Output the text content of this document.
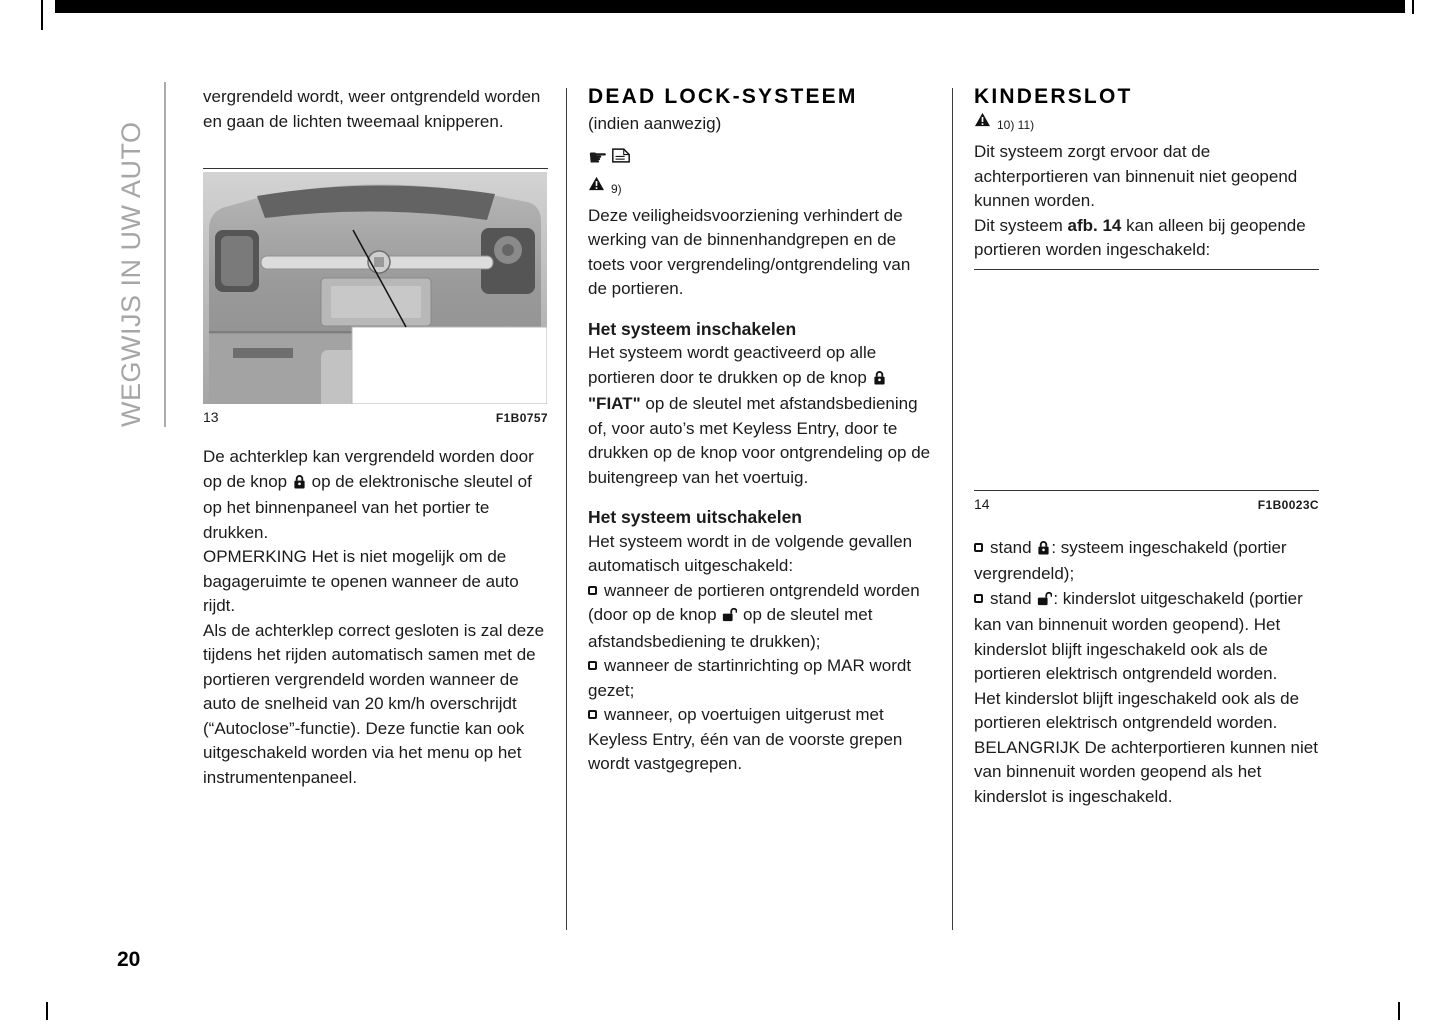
WEGWIJS IN UW AUTO

vergrendeld wordt, weer ontgrendeld worden en gaan de lichten tweemaal knipperen.

13	F1B0757

De achterklep kan vergrendeld worden door op de knop op de elektronische sleutel of op het binnenpaneel van het portier te drukken.

OPMERKING Het is niet mogelijk om de bagageruimte te openen wanneer de auto rijdt.

Als de achterklep correct gesloten is zal deze tijdens het rijden automatisch samen met de portieren vergrendeld worden wanneer de auto de snelheid van 20 km/h overschrijdt (“Autoclose”-functie). Deze functie kan ook uitgeschakeld worden via het menu op het instrumentenpaneel.

DEAD LOCK-SYSTEEM

(indien aanwezig)

☛
9)

Deze veiligheidsvoorziening verhindert de werking van de binnenhandgrepen en de toets voor vergrendeling/ontgrendeling van de portieren.

Het systeem inschakelen

Het systeem wordt geactiveerd op alle portieren door te drukken op de knop  "FIAT" op de sleutel met afstandsbediening of, voor auto’s met Keyless Entry, door te drukken op de knop voor ontgrendeling op de buitengreep van het voertuig.

Het systeem uitschakelen

Het systeem wordt in de volgende gevallen automatisch uitgeschakeld:

wanneer de portieren ontgrendeld worden (door op de knop op de sleutel met afstandsbediening te drukken);

wanneer de startinrichting op MAR wordt gezet;

wanneer, op voertuigen uitgerust met Keyless Entry, één van de voorste grepen wordt vastgegrepen.

KINDERSLOT
10) 11)

Dit systeem zorgt ervoor dat de achterportieren van binnenuit niet geopend kunnen worden.

Dit systeem afb. 14 kan alleen bij geopende portieren worden ingeschakeld:

14	F1B0023C

stand : systeem ingeschakeld (portier vergrendeld);

stand : kinderslot uitgeschakeld (portier kan van binnenuit worden geopend). Het kinderslot blijft ingeschakeld ook als de portieren elektrisch ontgrendeld worden.

Het kinderslot blijft ingeschakeld ook als de portieren elektrisch ontgrendeld worden.

BELANGRIJK De achterportieren kunnen niet van binnenuit worden geopend als het kinderslot is ingeschakeld.

20
